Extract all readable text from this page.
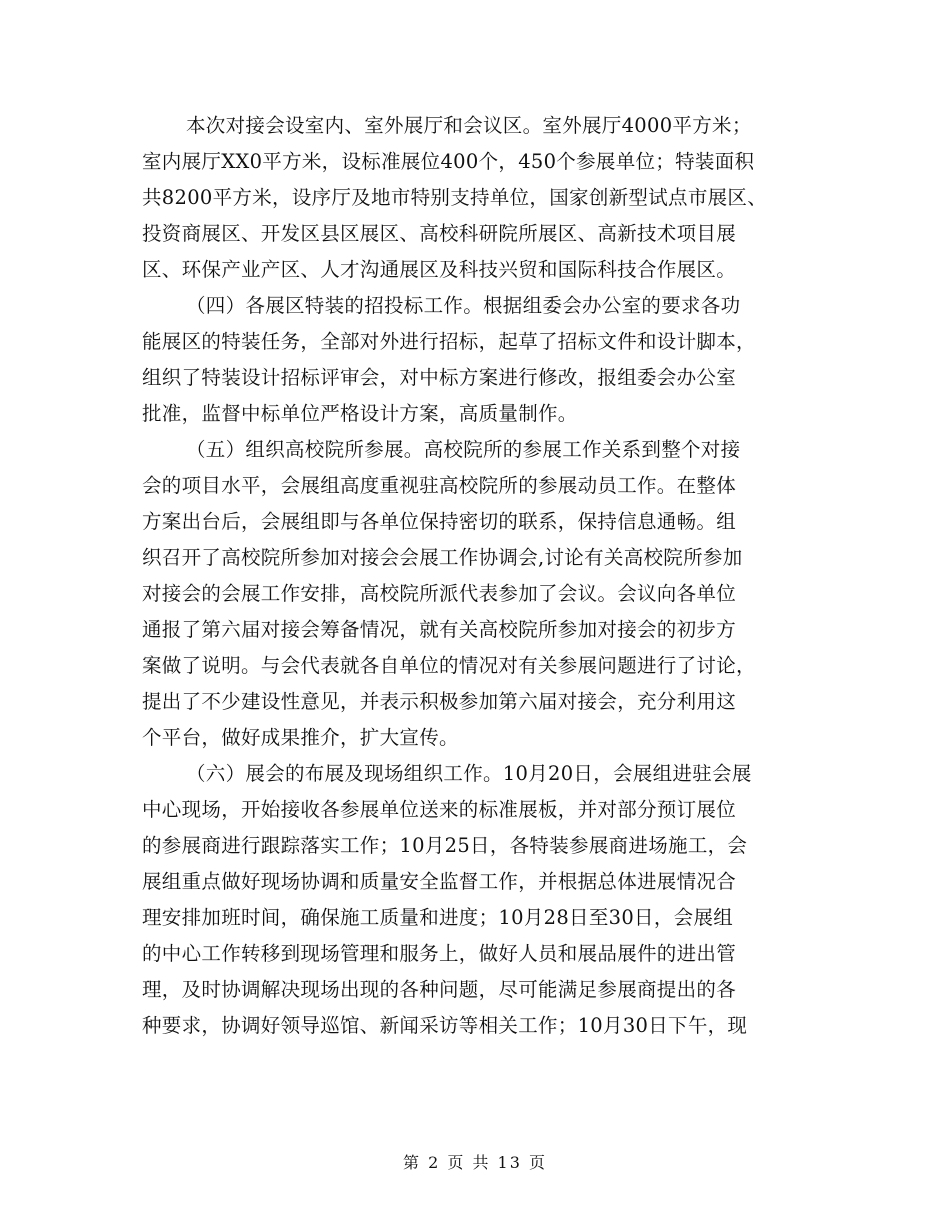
本次对接会设室内、室外展厅和会议区。室外展厅4000平方米；
室内展厅XX0平方米，设标准展位400个，450个参展单位；特装面积
共8200平方米，设序厅及地市特别支持单位，国家创新型试点市展区、
投资商展区、开发区县区展区、高校科研院所展区、高新技术项目展
区、环保产业产区、人才沟通展区及科技兴贸和国际科技合作展区。
（四）各展区特装的招投标工作。根据组委会办公室的要求各功
能展区的特装任务，全部对外进行招标，起草了招标文件和设计脚本，
组织了特装设计招标评审会，对中标方案进行修改，报组委会办公室
批准，监督中标单位严格设计方案，高质量制作。
（五）组织高校院所参展。高校院所的参展工作关系到整个对接
会的项目水平，会展组高度重视驻高校院所的参展动员工作。在整体
方案出台后，会展组即与各单位保持密切的联系，保持信息通畅。组
织召开了高校院所参加对接会会展工作协调会,讨论有关高校院所参加
对接会的会展工作安排，高校院所派代表参加了会议。会议向各单位
通报了第六届对接会筹备情况，就有关高校院所参加对接会的初步方
案做了说明。与会代表就各自单位的情况对有关参展问题进行了讨论，
提出了不少建设性意见，并表示积极参加第六届对接会，充分利用这
个平台，做好成果推介，扩大宣传。
（六）展会的布展及现场组织工作。10月20日，会展组进驻会展
中心现场，开始接收各参展单位送来的标准展板，并对部分预订展位
的参展商进行跟踪落实工作；10月25日，各特装参展商进场施工，会
展组重点做好现场协调和质量安全监督工作，并根据总体进展情况合
理安排加班时间，确保施工质量和进度；10月28日至30日，会展组
的中心工作转移到现场管理和服务上，做好人员和展品展件的进出管
理，及时协调解决现场出现的各种问题，尽可能满足参展商提出的各
种要求，协调好领导巡馆、新闻采访等相关工作；10月30日下午，现
第 2 页 共 13 页
